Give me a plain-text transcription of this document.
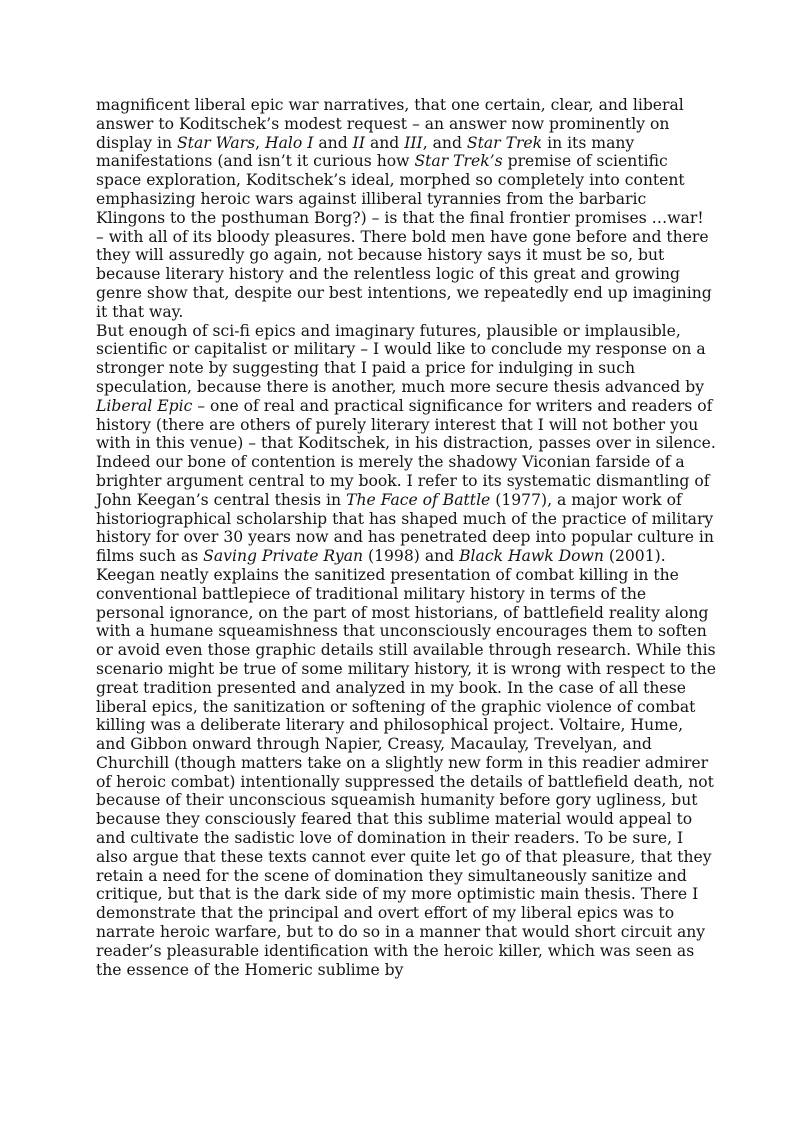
magnificent liberal epic war narratives, that one certain, clear, and liberal answer to Koditschek’s modest request – an answer now prominently on display in Star Wars, Halo I and II and III, and Star Trek in its many manifestations (and isn’t it curious how Star Trek’s premise of scientific space exploration, Koditschek’s ideal, morphed so completely into content emphasizing heroic wars against illiberal tyrannies from the barbaric Klingons to the posthuman Borg?) – is that the final frontier promises …war! – with all of its bloody pleasures. There bold men have gone before and there they will assuredly go again, not because history says it must be so, but because literary history and the relentless logic of this great and growing genre show that, despite our best intentions, we repeatedly end up imagining it that way.

But enough of sci-fi epics and imaginary futures, plausible or implausible, scientific or capitalist or military – I would like to conclude my response on a stronger note by suggesting that I paid a price for indulging in such speculation, because there is another, much more secure thesis advanced by Liberal Epic – one of real and practical significance for writers and readers of history (there are others of purely literary interest that I will not bother you with in this venue) – that Koditschek, in his distraction, passes over in silence. Indeed our bone of contention is merely the shadowy Viconian farside of a brighter argument central to my book. I refer to its systematic dismantling of John Keegan’s central thesis in The Face of Battle (1977), a major work of historiographical scholarship that has shaped much of the practice of military history for over 30 years now and has penetrated deep into popular culture in films such as Saving Private Ryan (1998) and Black Hawk Down (2001). Keegan neatly explains the sanitized presentation of combat killing in the conventional battlepiece of traditional military history in terms of the personal ignorance, on the part of most historians, of battlefield reality along with a humane squeamishness that unconsciously encourages them to soften or avoid even those graphic details still available through research. While this scenario might be true of some military history, it is wrong with respect to the great tradition presented and analyzed in my book. In the case of all these liberal epics, the sanitization or softening of the graphic violence of combat killing was a deliberate literary and philosophical project. Voltaire, Hume, and Gibbon onward through Napier, Creasy, Macaulay, Trevelyan, and Churchill (though matters take on a slightly new form in this readier admirer of heroic combat) intentionally suppressed the details of battlefield death, not because of their unconscious squeamish humanity before gory ugliness, but because they consciously feared that this sublime material would appeal to and cultivate the sadistic love of domination in their readers. To be sure, I also argue that these texts cannot ever quite let go of that pleasure, that they retain a need for the scene of domination they simultaneously sanitize and critique, but that is the dark side of my more optimistic main thesis. There I demonstrate that the principal and overt effort of my liberal epics was to narrate heroic warfare, but to do so in a manner that would short circuit any reader’s pleasurable identification with the heroic killer, which was seen as the essence of the Homeric sublime by
